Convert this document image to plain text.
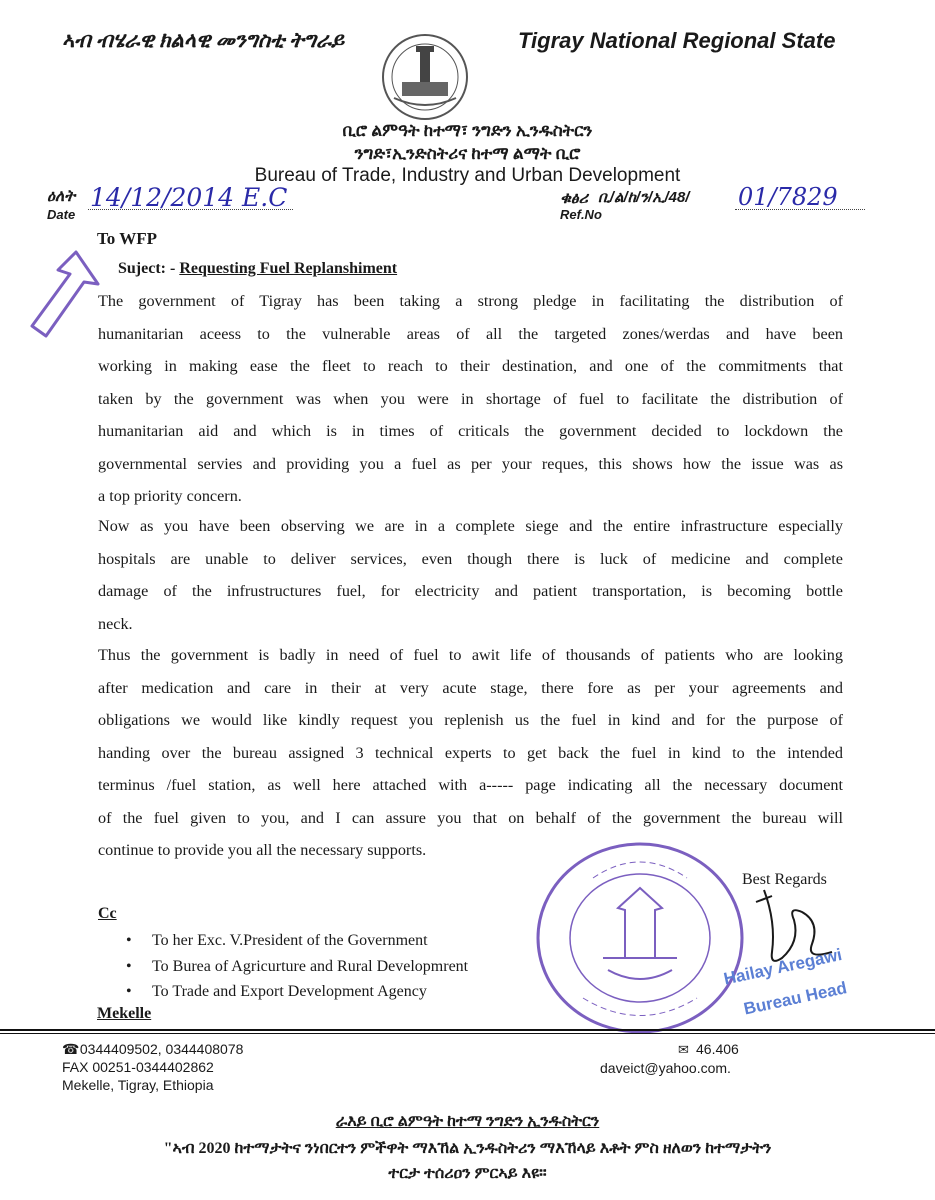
ኣብ ብሄራዊ ክልላዊ መንግስቲ ትግራይ	Tigray National Regional State
ቢሮ ልምዓት ከተማ፣ ንግድን ኢንዱስትርን
ንግድ፣ኢንድስትሪና ከተማ ልማት ቢሮ
Bureau of Trade, Industry and Urban Development
ዕለት
Date
14/12/2014 E.C	ቁፅሪ
Ref.No
ቢ/ል/ከ/ን/ኢ/48/ 01/7829
To WFP
Suject: - Requesting Fuel Replanshiment
The government of Tigray has been taking a strong pledge in facilitating the distribution of
humanitarian aceess to the vulnerable areas of all the targeted zones/werdas and have been
working in making ease the fleet to reach to their destination, and one of the commitments that
taken by the government was when you were in shortage of fuel to facilitate the distribution of
humanitarian aid and which is in times of criticals the government decided to lockdown the
governmental servies and providing you a fuel as per your reques, this shows how the issue was as
a top priority concern.
Now as you have been observing we are in a complete siege and the entire infrastructure especially
hospitals are unable to deliver services, even though there is luck of medicine and complete
damage of the infrustructures fuel, for electricity and patient transportation, is becoming bottle
neck.
Thus the government is badly in need of fuel to awit life of thousands of patients who are looking
after medication and care in their at very acute stage, there fore as per your agreements and
obligations we would like kindly request you replenish us the fuel in kind and for the purpose of
handing over the bureau assigned 3 technical experts to get back the fuel in kind to the intended
terminus /fuel station, as well here attached with a----- page indicating all the necessary document
of the fuel given to you, and I can assure you that on behalf of the government the bureau will
continue to provide you all the necessary supports.
Best Regards
Hailay Aregawi
Bureau Head
Cc
• To her Exc. V.President of the Government
• To Burea of Agricurture and Rural Developmrent
• To Trade and Export Development Agency
Mekelle
☎ 0344409502, 0344408078
FAX 00251-0344402862
Mekelle, Tigray, Ethiopia
✉ 46.406
daveict@yahoo.com.
ራእይ ቢሮ ልምዓት ከተማ ንግድን ኢንዱስትርን
"ኣብ 2020 ከተማታትና ንነበርተን ምችዋት ማእኸል ኢንዱስትሪን ማእኸላይ እቶት ምስ ዘለወን ከተማታትን
ተርታ ተሰሪዐን ምርኣይ እዩ።
